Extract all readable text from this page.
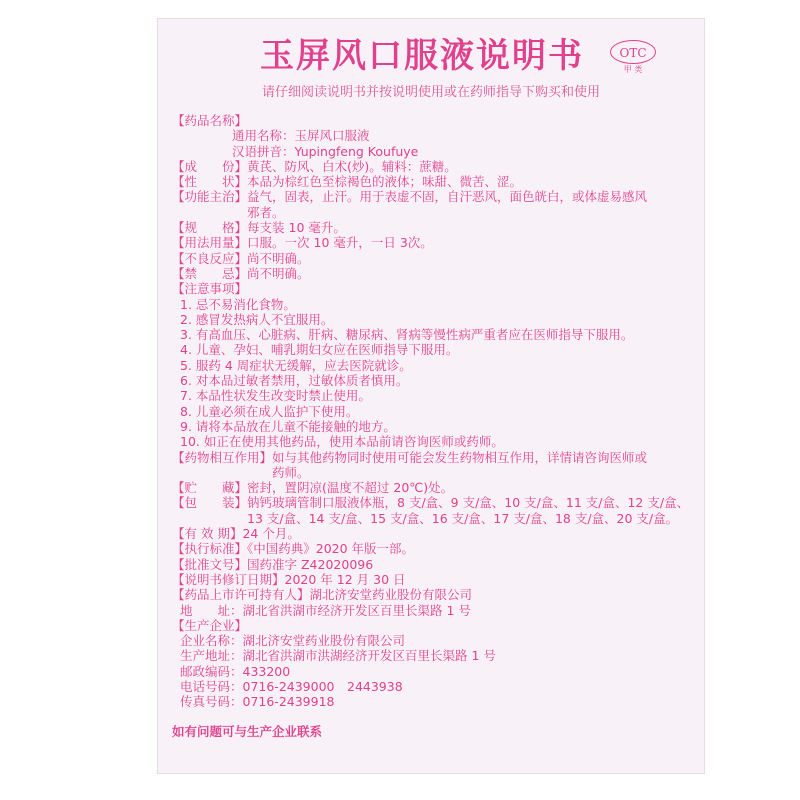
OTC
甲 类
玉屏风口服液说明书
请仔细阅读说明书并按说明使用或在药师指导下购买和使用
【药品名称】
通用名称：玉屏风口服液
汉语拼音：Yupingfeng Koufuye
【成　　份】黄芪、防风、白术(炒)。辅料：蔗糖。
【性　　状】本品为棕红色至棕褐色的液体；味甜、微苦、涩。
【功能主治】益气，固表，止汗。用于表虚不固，自汗恶风，面色㿠白，或体虚易感风
邪者。
【规　　格】每支装 10 毫升。
【用法用量】口服。一次 10 毫升，一日 3次。
【不良反应】尚不明确。
【禁　　忌】尚不明确。
【注意事项】
1. 忌不易消化食物。
2. 感冒发热病人不宜服用。
3. 有高血压、心脏病、肝病、糖尿病、肾病等慢性病严重者应在医师指导下服用。
4. 儿童、孕妇、哺乳期妇女应在医师指导下服用。
5. 服药 4 周症状无缓解，应去医院就诊。
6. 对本品过敏者禁用，过敏体质者慎用。
7. 本品性状发生改变时禁止使用。
8. 儿童必须在成人监护下使用。
9. 请将本品放在儿童不能接触的地方。
10. 如正在使用其他药品，使用本品前请咨询医师或药师。
【药物相互作用】如与其他药物同时使用可能会发生药物相互作用，详情请咨询医师或
药师。
【贮　　藏】密封，置阴凉(温度不超过 20℃)处。
【包　　装】钠钙玻璃管制口服液体瓶，8 支/盒、9 支/盒、10 支/盒、11 支/盒、12 支/盒、
13 支/盒、14 支/盒、15 支/盒、16 支/盒、17 支/盒、18 支/盒、20 支/盒。
【有 效 期】24 个月。
【执行标准】《中国药典》2020 年版一部。
【批准文号】国药准字 Z42020096
【说明书修订日期】2020 年 12 月 30 日
【药品上市许可持有人】湖北济安堂药业股份有限公司
地　　址：湖北省洪湖市经济开发区百里长渠路 1 号
【生产企业】
企业名称：湖北济安堂药业股份有限公司
生产地址：湖北省洪湖市洪湖经济开发区百里长渠路 1 号
邮政编码：433200
电话号码：0716-2439000　2443938
传真号码：0716-2439918
如有问题可与生产企业联系
